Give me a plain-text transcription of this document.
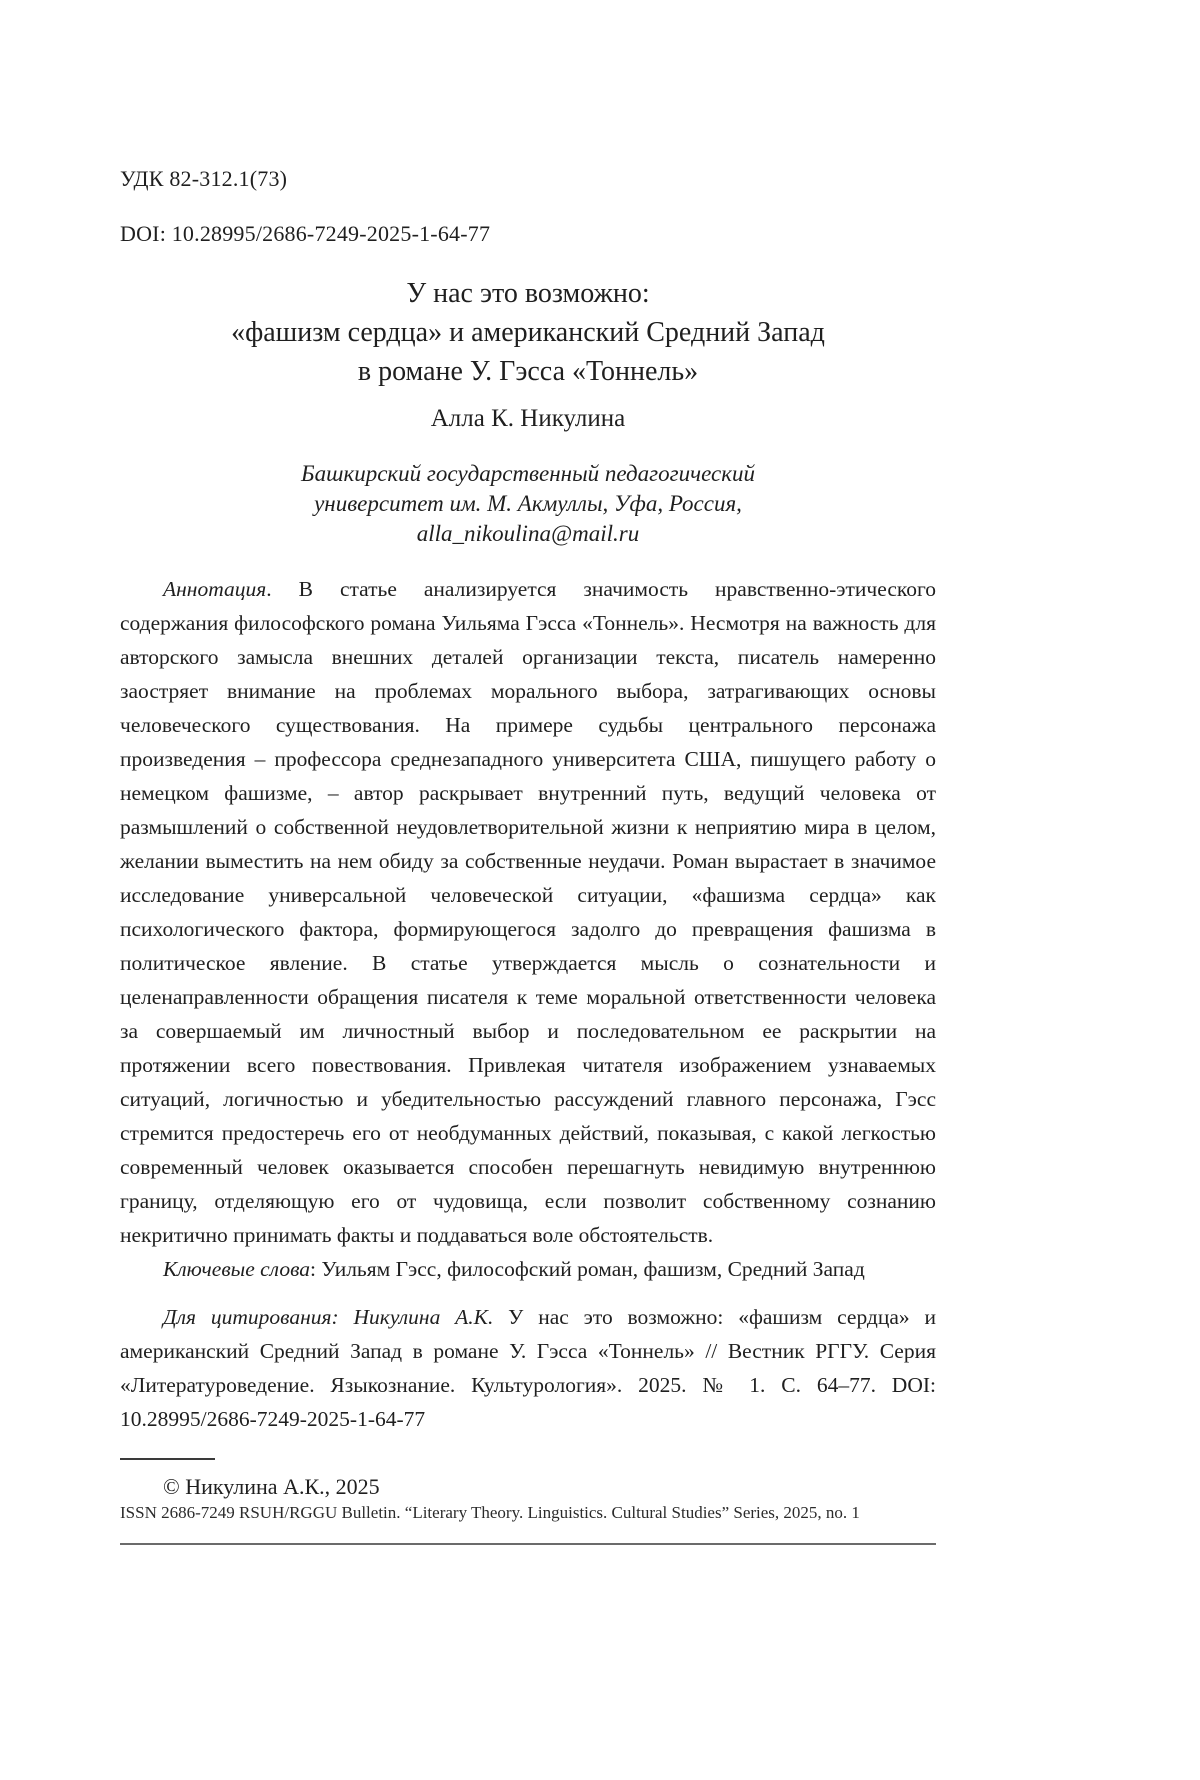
УДК 82-312.1(73)

DOI: 10.28995/2686-7249-2025-1-64-77

У нас это возможно:
«фашизм сердца» и американский Средний Запад
в романе У. Гэсса «Тоннель»

Алла К. Никулина

Башкирский государственный педагогический
университет им. М. Акмуллы, Уфа, Россия,
alla_nikoulina@mail.ru

Аннотация. В статье анализируется значимость нравственно-этического содержания философского романа Уильяма Гэсса «Тоннель». Несмотря на важность для авторского замысла внешних деталей организации текста, писатель намеренно заостряет внимание на проблемах морального выбора, затрагивающих основы человеческого существования. На примере судьбы центрального персонажа произведения – профессора среднезападного университета США, пишущего работу о немецком фашизме, – автор раскрывает внутренний путь, ведущий человека от размышлений о собственной неудовлетворительной жизни к неприятию мира в целом, желании выместить на нем обиду за собственные неудачи. Роман вырастает в значимое исследование универсальной человеческой ситуации, «фашизма сердца» как психологического фактора, формирующегося задолго до превращения фашизма в политическое явление. В статье утверждается мысль о сознательности и целенаправленности обращения писателя к теме моральной ответственности человека за совершаемый им личностный выбор и последовательном ее раскрытии на протяжении всего повествования. Привлекая читателя изображением узнаваемых ситуаций, логичностью и убедительностью рассуждений главного персонажа, Гэсс стремится предостеречь его от необдуманных действий, показывая, с какой легкостью современный человек оказывается способен перешагнуть невидимую внутреннюю границу, отделяющую его от чудовища, если позволит собственному сознанию некритично принимать факты и поддаваться воле обстоятельств.

Ключевые слова: Уильям Гэсс, философский роман, фашизм, Средний Запад

Для цитирования: Никулина А.К. У нас это возможно: «фашизм сердца» и американский Средний Запад в романе У. Гэсса «Тоннель» // Вестник РГГУ. Серия «Литературоведение. Языкознание. Культурология». 2025. № 1. С. 64–77. DOI: 10.28995/2686-7249-2025-1-64-77

© Никулина А.К., 2025

ISSN 2686-7249 RSUH/RGGU Bulletin. “Literary Theory. Linguistics. Cultural Studies” Series, 2025, no. 1
